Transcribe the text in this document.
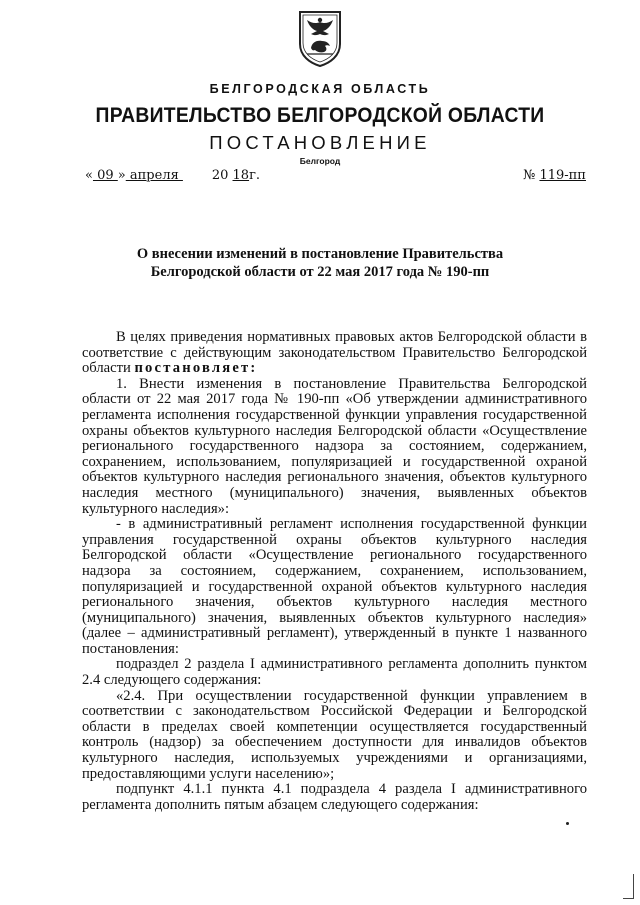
БЕЛГОРОДСКАЯ ОБЛАСТЬ
ПРАВИТЕЛЬСТВО БЕЛГОРОДСКОЙ ОБЛАСТИ
ПОСТАНОВЛЕНИЕ
Белгород
« 09 » апреля        20 18г.	№ 119-пп
О внесении изменений в постановление Правительства
Белгородской области от 22 мая 2017 года № 190-пп

В целях приведения нормативных правовых актов Белгородской области в соответствие с действующим законодательством Правительство Белгородской области постановляет:

1. Внести изменения в постановление Правительства Белгородской области от 22 мая 2017 года № 190-пп «Об утверждении административного регламента исполнения государственной функции управления государственной охраны объектов культурного наследия Белгородской области «Осуществление регионального государственного надзора за состоянием, содержанием, сохранением, использованием, популяризацией и государственной охраной объектов культурного наследия регионального значения, объектов культурного наследия местного (муниципального) значения, выявленных объектов культурного наследия»:

- в административный регламент исполнения государственной функции управления государственной охраны объектов культурного наследия Белгородской области «Осуществление регионального государственного надзора за состоянием, содержанием, сохранением, использованием, популяризацией и государственной охраной объектов культурного наследия регионального значения, объектов культурного наследия местного (муниципального) значения, выявленных объектов культурного наследия» (далее – административный регламент), утвержденный в пункте 1 названного постановления:

подраздел 2 раздела I административного регламента дополнить пунктом 2.4 следующего содержания:

«2.4. При осуществлении государственной функции управлением в соответствии с законодательством Российской Федерации и Белгородской области в пределах своей компетенции осуществляется государственный контроль (надзор) за обеспечением доступности для инвалидов объектов культурного наследия, используемых учреждениями и организациями, предоставляющими услуги населению»;

подпункт 4.1.1 пункта 4.1 подраздела 4 раздела I административного регламента дополнить пятым абзацем следующего содержания:
